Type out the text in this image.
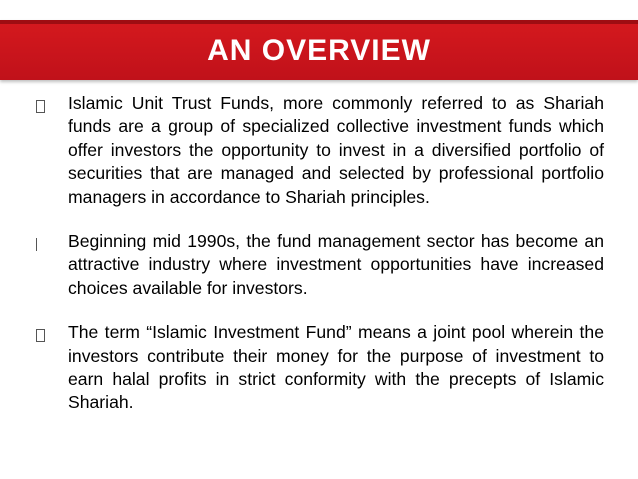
AN OVERVIEW
Islamic Unit Trust Funds, more commonly referred to as Shariah funds are a group of specialized collective investment funds which offer investors the opportunity to invest in a diversified portfolio of securities that are managed and selected by professional portfolio managers in accordance to Shariah principles.
Beginning mid 1990s, the fund management sector has become an attractive industry where investment opportunities have increased choices available for investors.
The term “Islamic Investment Fund” means a joint pool wherein the investors contribute their money for the purpose of investment to earn halal profits in strict conformity with the precepts of Islamic Shariah.
